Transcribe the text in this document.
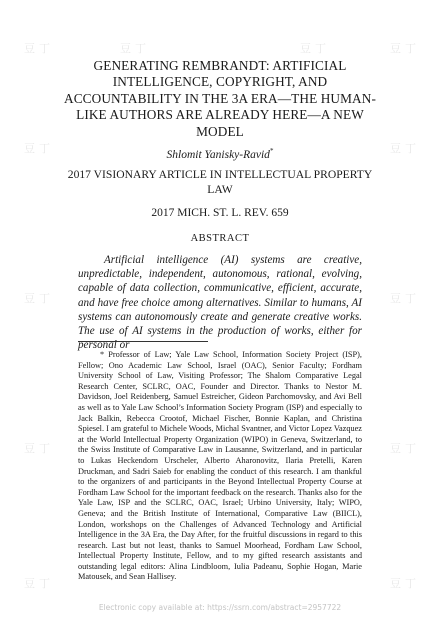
豆丁	豆丁	豆丁	豆丁
豆丁	豆丁
豆丁	豆丁
豆丁	豆丁
豆丁	豆丁
GENERATING REMBRANDT: ARTIFICIAL INTELLIGENCE, COPYRIGHT, AND ACCOUNTABILITY IN THE 3A ERA—THE HUMAN-LIKE AUTHORS ARE ALREADY HERE—A NEW MODEL
Shlomit Yanisky-Ravid*
2017 VISIONARY ARTICLE IN INTELLECTUAL PROPERTY LAW
2017 MICH. ST. L. REV. 659
ABSTRACT

Artificial intelligence (AI) systems are creative, unpredictable, independent, autonomous, rational, evolving, capable of data collection, communicative, efficient, accurate, and have free choice among alternatives. Similar to humans, AI systems can autonomously create and generate creative works. The use of AI systems in the production of works, either for personal or

* Professor of Law; Yale Law School, Information Society Project (ISP), Fellow; Ono Academic Law School, Israel (OAC), Senior Faculty; Fordham University School of Law, Visiting Professor; The Shalom Comparative Legal Research Center, SCLRC, OAC, Founder and Director. Thanks to Nestor M. Davidson, Joel Reidenberg, Samuel Estreicher, Gideon Parchomovsky, and Avi Bell as well as to Yale Law School’s Information Society Program (ISP) and especially to Jack Balkin, Rebecca Crootof, Michael Fischer, Bonnie Kaplan, and Christina Spiesel. I am grateful to Michele Woods, Michal Svantner, and Victor Lopez Vazquez at the World Intellectual Property Organization (WIPO) in Geneva, Switzerland, to the Swiss Institute of Comparative Law in Lausanne, Switzerland, and in particular to Lukas Heckendorn Urscheler, Alberto Aharonovitz, Ilaria Pretelli, Karen Druckman, and Sadri Saieb for enabling the conduct of this research. I am thankful to the organizers of and participants in the Beyond Intellectual Property Course at Fordham Law School for the important feedback on the research. Thanks also for the Yale Law, ISP and the SCLRC, OAC, Israel; Urbino University, Italy; WIPO, Geneva; and the British Institute of International, Comparative Law (BIICL), London, workshops on the Challenges of Advanced Technology and Artificial Intelligence in the 3A Era, the Day After, for the fruitful discussions in regard to this research. Last but not least, thanks to Samuel Moorhead, Fordham Law School, Intellectual Property Institute, Fellow, and to my gifted research assistants and outstanding legal editors: Alina Lindbloom, Iulia Padeanu, Sophie Hogan, Marie Matousek, and Sean Hallisey.

Electronic copy available at: https://ssrn.com/abstract=2957722
